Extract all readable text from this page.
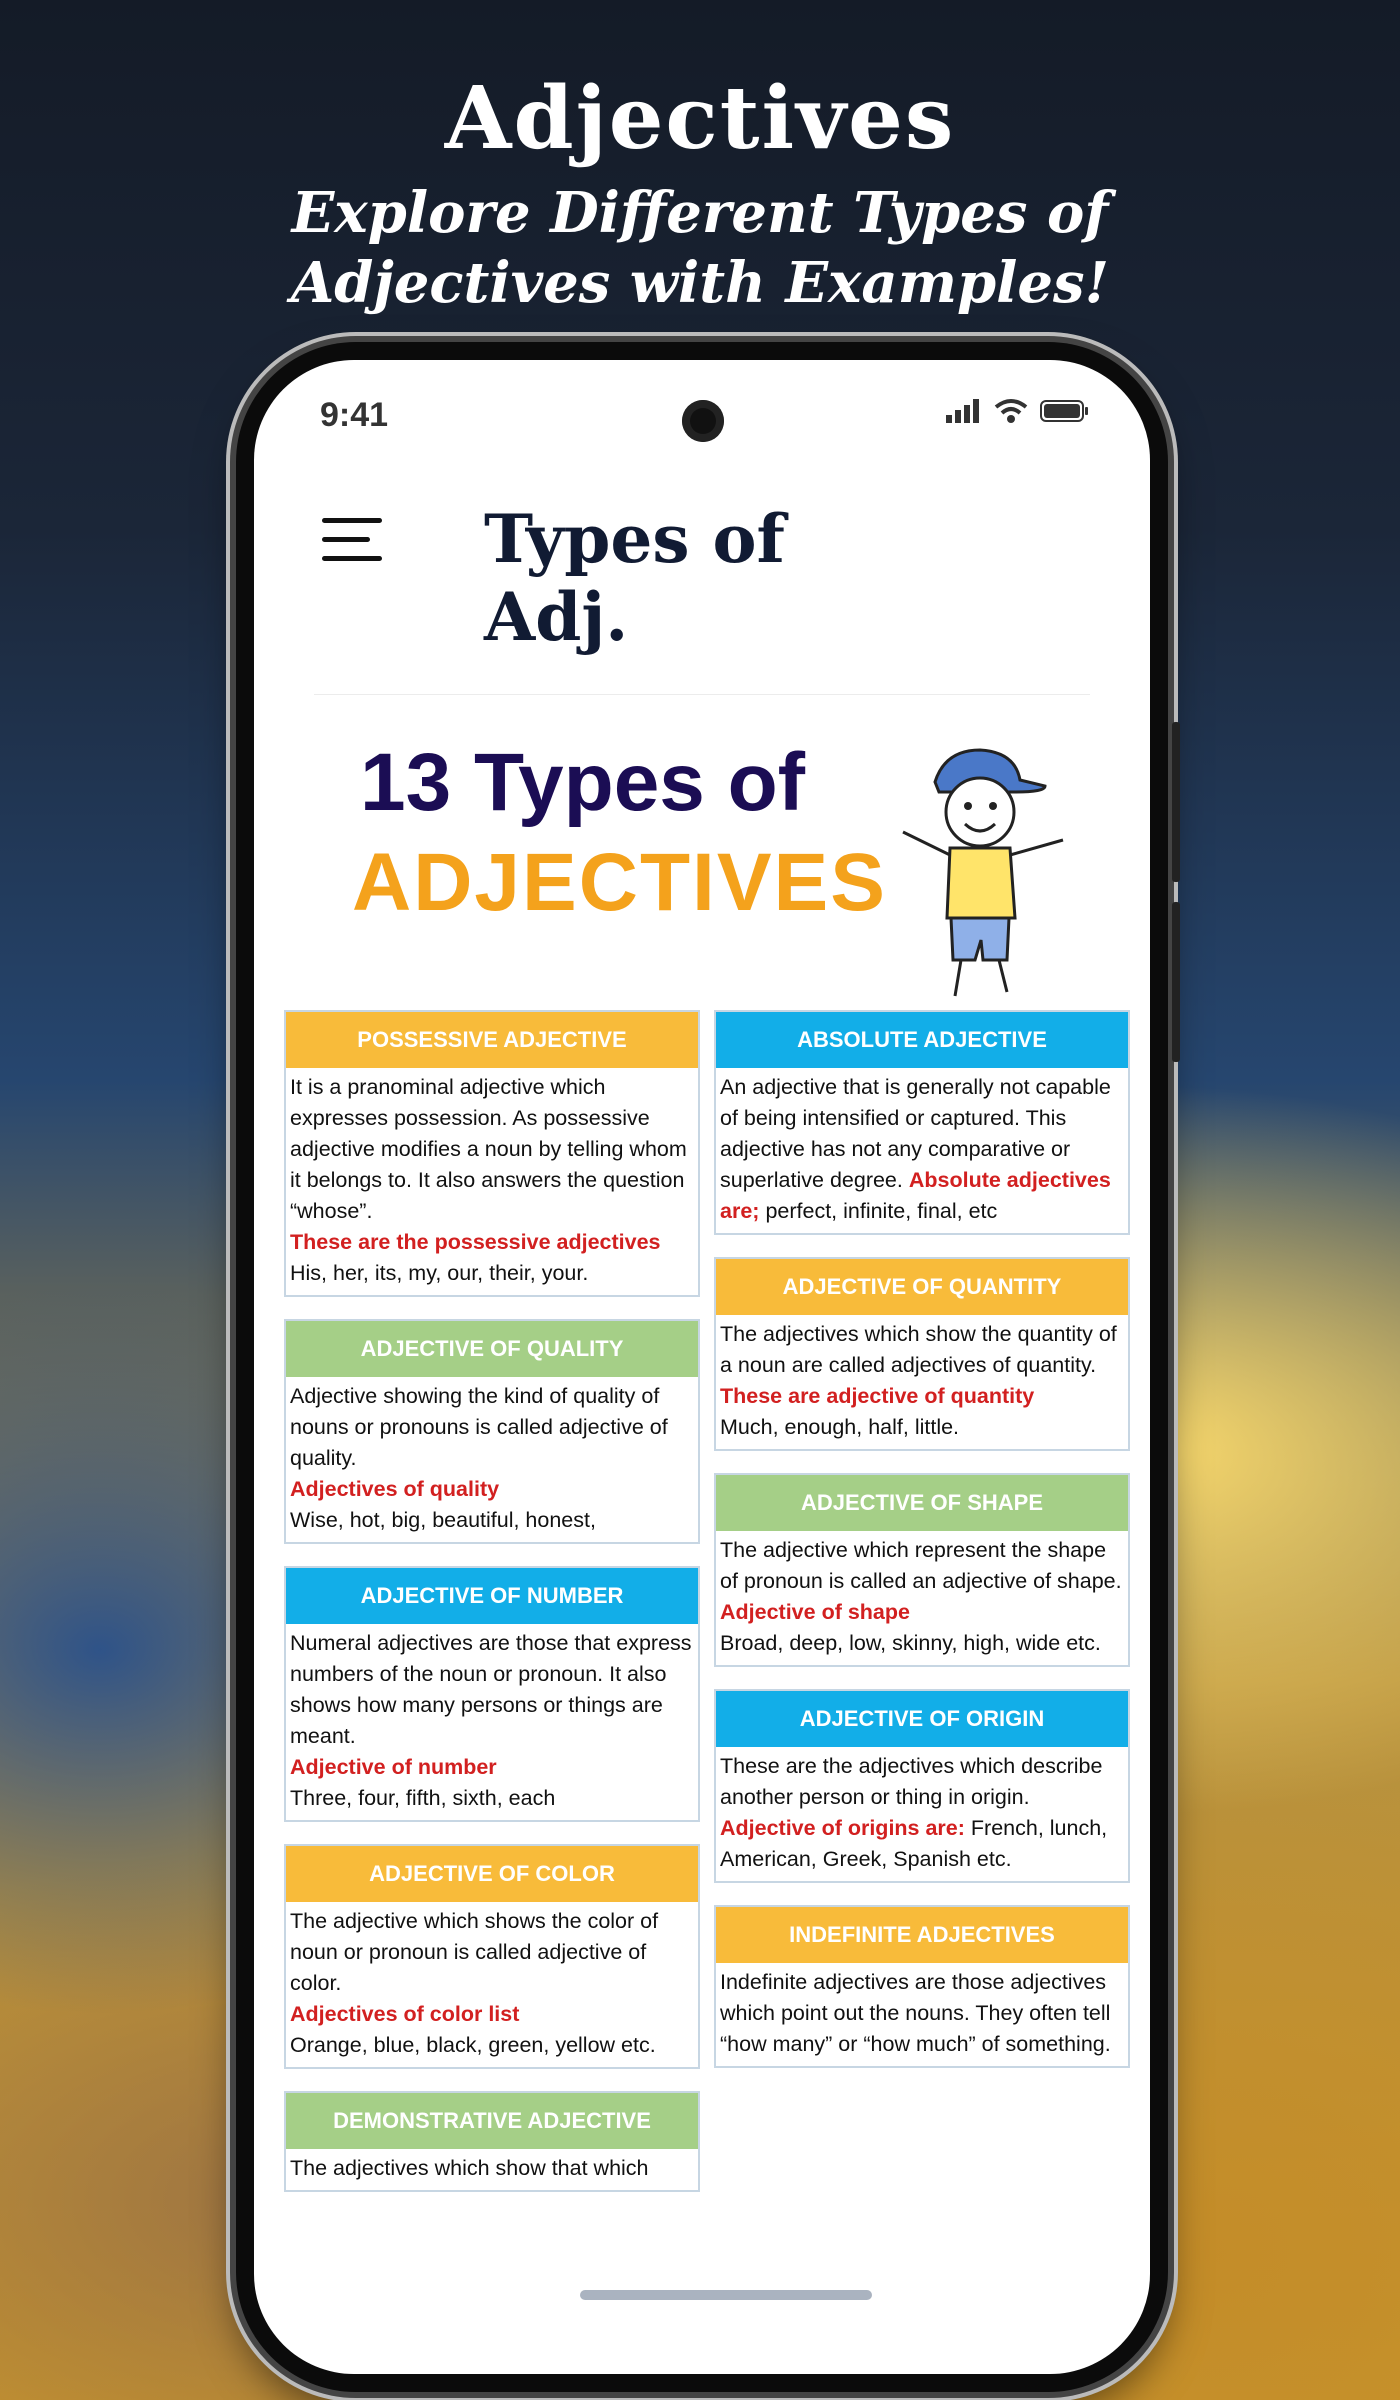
Adjectives
Explore Different Types of Adjectives with Examples!
9:41
Types of Adj.
13 Types of
ADJECTIVES
POSSESSIVE ADJECTIVE
It is a pranominal adjective which expresses possession. As possessive adjective modifies a noun by telling whom it belongs to. It also answers the question “whose”.
These are the possessive adjectives
His, her, its, my, our, their, your.
ADJECTIVE OF QUALITY
Adjective showing the kind of quality of nouns or pronouns is called adjective of quality.
Adjectives of quality
Wise, hot, big, beautiful, honest,
ADJECTIVE OF NUMBER
Numeral adjectives are those that express numbers of the noun or pronoun. It also shows how many persons or things are meant.
Adjective of number
Three, four, fifth, sixth, each
ADJECTIVE OF COLOR
The adjective which shows the color of noun or pronoun is called adjective of color.
Adjectives of color list
Orange, blue, black, green, yellow etc.
DEMONSTRATIVE ADJECTIVE
The adjectives which show that which
ABSOLUTE ADJECTIVE
An adjective that is generally not capable of being intensified or captured. This adjective has not any comparative or superlative degree. Absolute adjectives are; perfect, infinite, final, etc
ADJECTIVE OF QUANTITY
The adjectives which show the quantity of a noun are called adjectives of quantity. These are adjective of quantity
Much, enough, half, little.
ADJECTIVE OF SHAPE
The adjective which represent the shape of pronoun is called an adjective of shape.
Adjective of shape
Broad, deep, low, skinny, high, wide etc.
ADJECTIVE OF ORIGIN
These are the adjectives which describe another person or thing in origin.
Adjective of origins are: French, lunch, American, Greek, Spanish etc.
INDEFINITE ADJECTIVES
Indefinite adjectives are those adjectives which point out the nouns. They often tell “how many” or “how much” of something.
